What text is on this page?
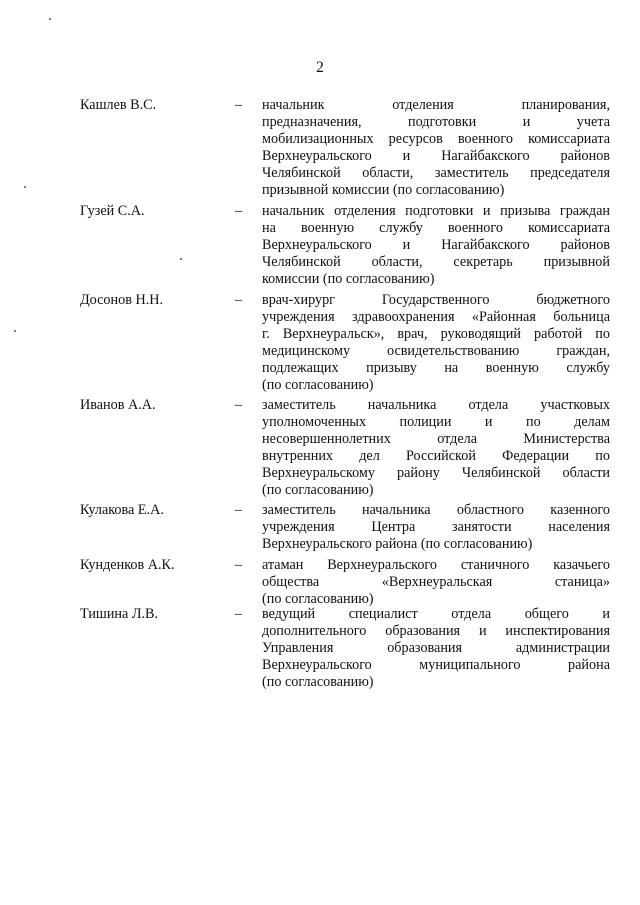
2
Кашлев В.С.	– начальник отделения планирования,
предназначения, подготовки и учета
мобилизационных ресурсов военного комиссариата
Верхнеуральского и Нагайбакского районов
Челябинской области, заместитель председателя
призывной комиссии (по согласованию)
Гузей С.А.	– начальник отделения подготовки и призыва граждан
на военную службу военного комиссариата
Верхнеуральского и Нагайбакского районов
Челябинской области, секретарь призывной
комиссии (по согласованию)
Досонов Н.Н.	– врач-хирург Государственного бюджетного
учреждения здравоохранения «Районная больница
г. Верхнеуральск», врач, руководящий работой по
медицинскому освидетельствованию граждан,
подлежащих призыву на военную службу
(по согласованию)
Иванов А.А.	– заместитель начальника отдела участковых
уполномоченных полиции и по делам
несовершеннолетних отдела Министерства
внутренних дел Российской Федерации по
Верхнеуральскому району Челябинской области
(по согласованию)
Кулакова Е.А.	– заместитель начальника областного казенного
учреждения Центра занятости населения
Верхнеуральского района (по согласованию)
Кунденков А.К.	– атаман Верхнеуральского станичного казачьего
общества «Верхнеуральская станица»
(по согласованию)
Тишина Л.В.	– ведущий специалист отдела общего и
дополнительного образования и инспектирования
Управления образования администрации
Верхнеуральского муниципального района
(по согласованию)
